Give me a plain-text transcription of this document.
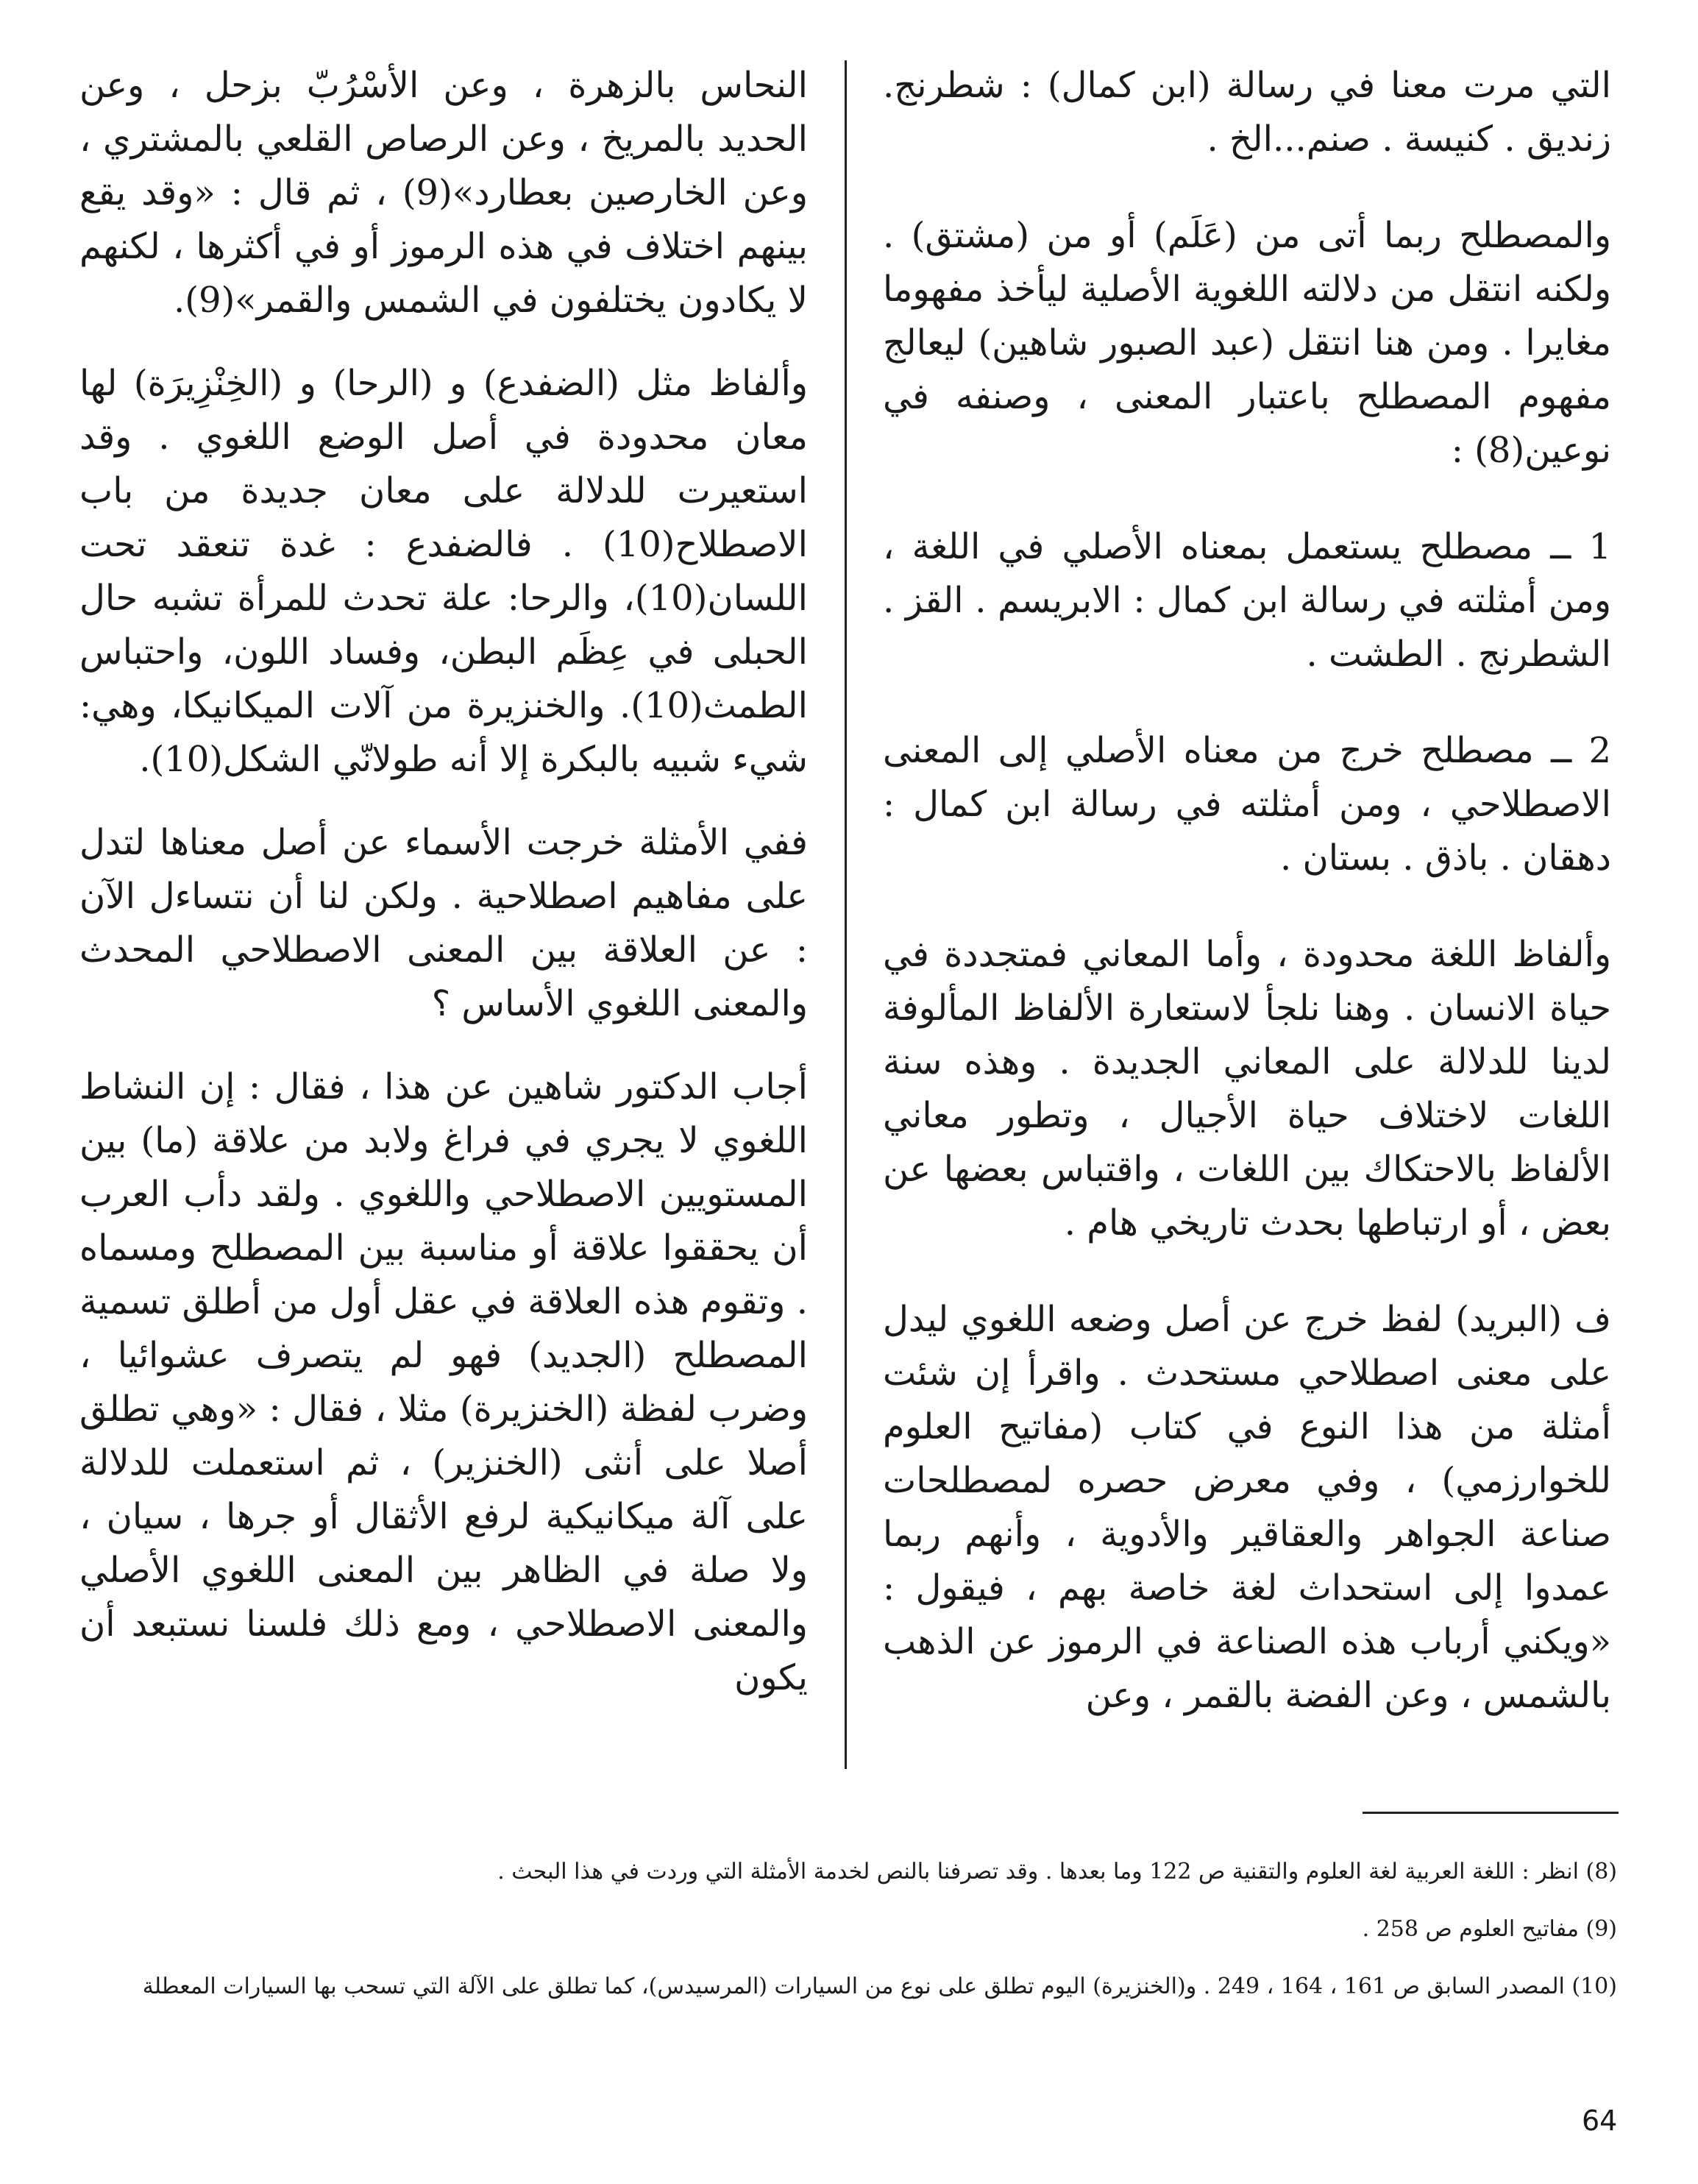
التي مرت معنا في رسالة (ابن كمال) : شطرنج. زنديق . كنيسة . صنم...الخ .

والمصطلح ربما أتى من (عَلَم) أو من (مشتق) . ولكنه انتقل من دلالته اللغوية الأصلية ليأخذ مفهوما مغايرا . ومن هنا انتقل (عبد الصبور شاهين) ليعالج مفهوم المصطلح باعتبار المعنى ، وصنفه في نوعين(8) :

1 ــ مصطلح يستعمل بمعناه الأصلي في اللغة ، ومن أمثلته في رسالة ابن كمال : الابريسم . القز . الشطرنج . الطشت .

2 ــ مصطلح خرج من معناه الأصلي إلى المعنى الاصطلاحي ، ومن أمثلته في رسالة ابن كمال : دهقان . باذق . بستان .

وألفاظ اللغة محدودة ، وأما المعاني فمتجددة في حياة الانسان . وهنا نلجأ لاستعارة الألفاظ المألوفة لدينا للدلالة على المعاني الجديدة . وهذه سنة اللغات لاختلاف حياة الأجيال ، وتطور معاني الألفاظ بالاحتكاك بين اللغات ، واقتباس بعضها عن بعض ، أو ارتباطها بحدث تاريخي هام .

ف (البريد) لفظ خرج عن أصل وضعه اللغوي ليدل على معنى اصطلاحي مستحدث . واقرأ إن شئت أمثلة من هذا النوع في كتاب (مفاتيح العلوم للخوارزمي) ، وفي معرض حصره لمصطلحات صناعة الجواهر والعقاقير والأدوية ، وأنهم ربما عمدوا إلى استحداث لغة خاصة بهم ، فيقول : «ويكني أرباب هذه الصناعة في الرموز عن الذهب بالشمس ، وعن الفضة بالقمر ، وعن

النحاس بالزهرة ، وعن الأسْرُبّ بزحل ، وعن الحديد بالمريخ ، وعن الرصاص القلعي بالمشتري ، وعن الخارصين بعطارد»(9) ، ثم قال : «وقد يقع بينهم اختلاف في هذه الرموز أو في أكثرها ، لكنهم لا يكادون يختلفون في الشمس والقمر»(9).

وألفاظ مثل (الضفدع) و (الرحا) و (الخِنْزِيرَة) لها معان محدودة في أصل الوضع اللغوي . وقد استعيرت للدلالة على معان جديدة من باب الاصطلاح(10) . فالضفدع : غدة تنعقد تحت اللسان(10)، والرحا: علة تحدث للمرأة تشبه حال الحبلى في عِظَم البطن، وفساد اللون، واحتباس الطمث(10). والخنزيرة من آلات الميكانيكا، وهي: شيء شبيه بالبكرة إلا أنه طولانّي الشكل(10).

ففي الأمثلة خرجت الأسماء عن أصل معناها لتدل على مفاهيم اصطلاحية . ولكن لنا أن نتساءل الآن : عن العلاقة بين المعنى الاصطلاحي المحدث والمعنى اللغوي الأساس ؟

أجاب الدكتور شاهين عن هذا ، فقال : إن النشاط اللغوي لا يجري في فراغ ولابد من علاقة (ما) بين المستويين الاصطلاحي واللغوي . ولقد دأب العرب أن يحققوا علاقة أو مناسبة بين المصطلح ومسماه . وتقوم هذه العلاقة في عقل أول من أطلق تسمية المصطلح (الجديد) فهو لم يتصرف عشوائيا ، وضرب لفظة (الخنزيرة) مثلا ، فقال : «وهي تطلق أصلا على أنثى (الخنزير) ، ثم استعملت للدلالة على آلة ميكانيكية لرفع الأثقال أو جرها ، سيان ، ولا صلة في الظاهر بين المعنى اللغوي الأصلي والمعنى الاصطلاحي ، ومع ذلك فلسنا نستبعد أن يكون

(8) انظر : اللغة العربية لغة العلوم والتقنية ص 122 وما بعدها . وقد تصرفنا بالنص لخدمة الأمثلة التي وردت في هذا البحث .

(9) مفاتيح العلوم ص 258 .

(10) المصدر السابق ص 161 ، 164 ، 249 . و(الخنزيرة) اليوم تطلق على نوع من السيارات (المرسيدس)، كما تطلق على الآلة التي تسحب بها السيارات المعطلة

64
